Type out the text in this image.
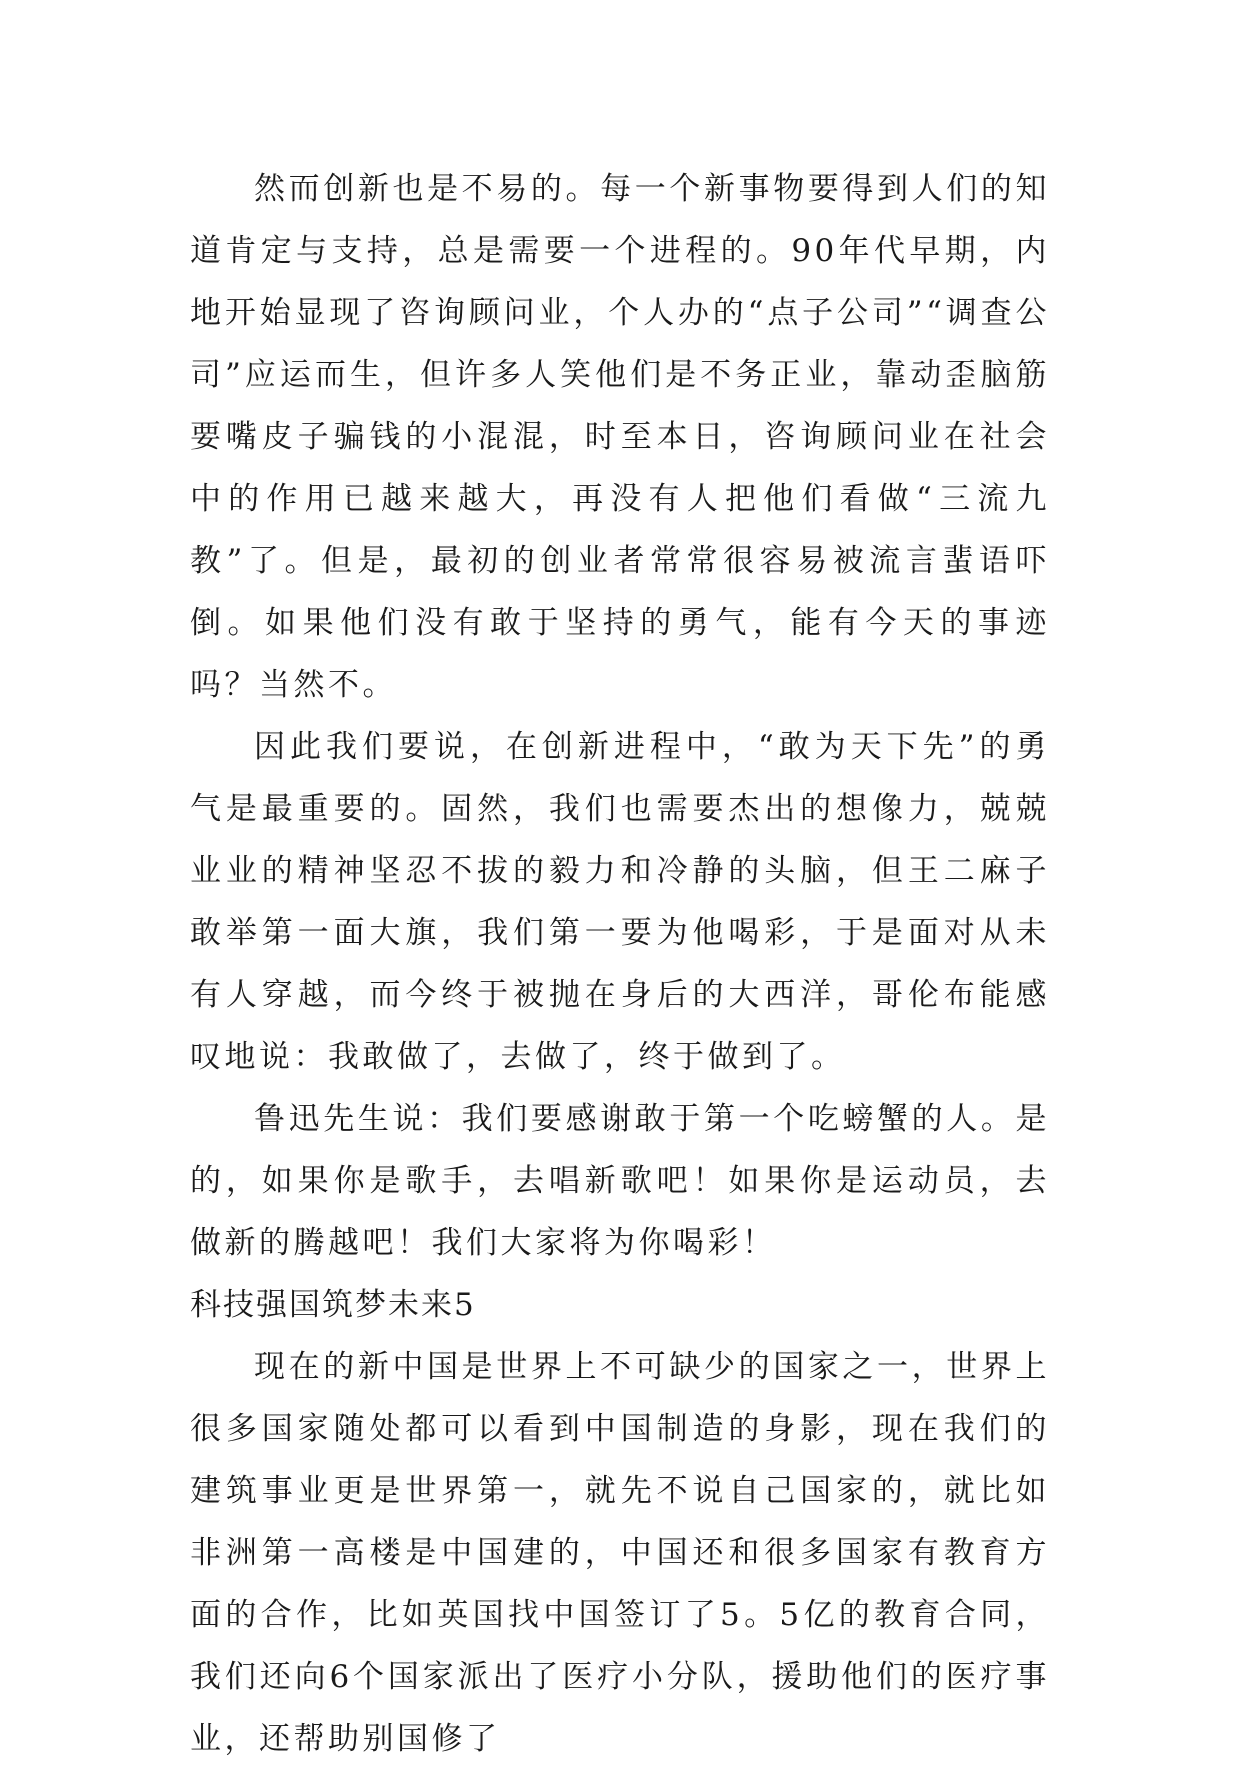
然而创新也是不易的。每一个新事物要得到人们的知道肯定与支持，总是需要一个进程的。90年代早期，内地开始显现了咨询顾问业，个人办的“点子公司”“调查公司”应运而生，但许多人笑他们是不务正业，靠动歪脑筋要嘴皮子骗钱的小混混，时至本日，咨询顾问业在社会中的作用已越来越大，再没有人把他们看做“三流九教”了。但是，最初的创业者常常很容易被流言蜚语吓倒。如果他们没有敢于坚持的勇气，能有今天的事迹吗？当然不。

因此我们要说，在创新进程中，“敢为天下先”的勇气是最重要的。固然，我们也需要杰出的想像力，兢兢业业的精神坚忍不拔的毅力和冷静的头脑，但王二麻子敢举第一面大旗，我们第一要为他喝彩，于是面对从未有人穿越，而今终于被抛在身后的大西洋，哥伦布能感叹地说：我敢做了，去做了，终于做到了。

鲁迅先生说：我们要感谢敢于第一个吃螃蟹的人。是的，如果你是歌手，去唱新歌吧！如果你是运动员，去做新的腾越吧！我们大家将为你喝彩！

科技强国筑梦未来5

现在的新中国是世界上不可缺少的国家之一，世界上很多国家随处都可以看到中国制造的身影，现在我们的建筑事业更是世界第一，就先不说自己国家的，就比如非洲第一高楼是中国建的，中国还和很多国家有教育方面的合作，比如英国找中国签订了5。5亿的教育合同，我们还向6个国家派出了医疗小分队，援助他们的医疗事业，还帮助别国修了
